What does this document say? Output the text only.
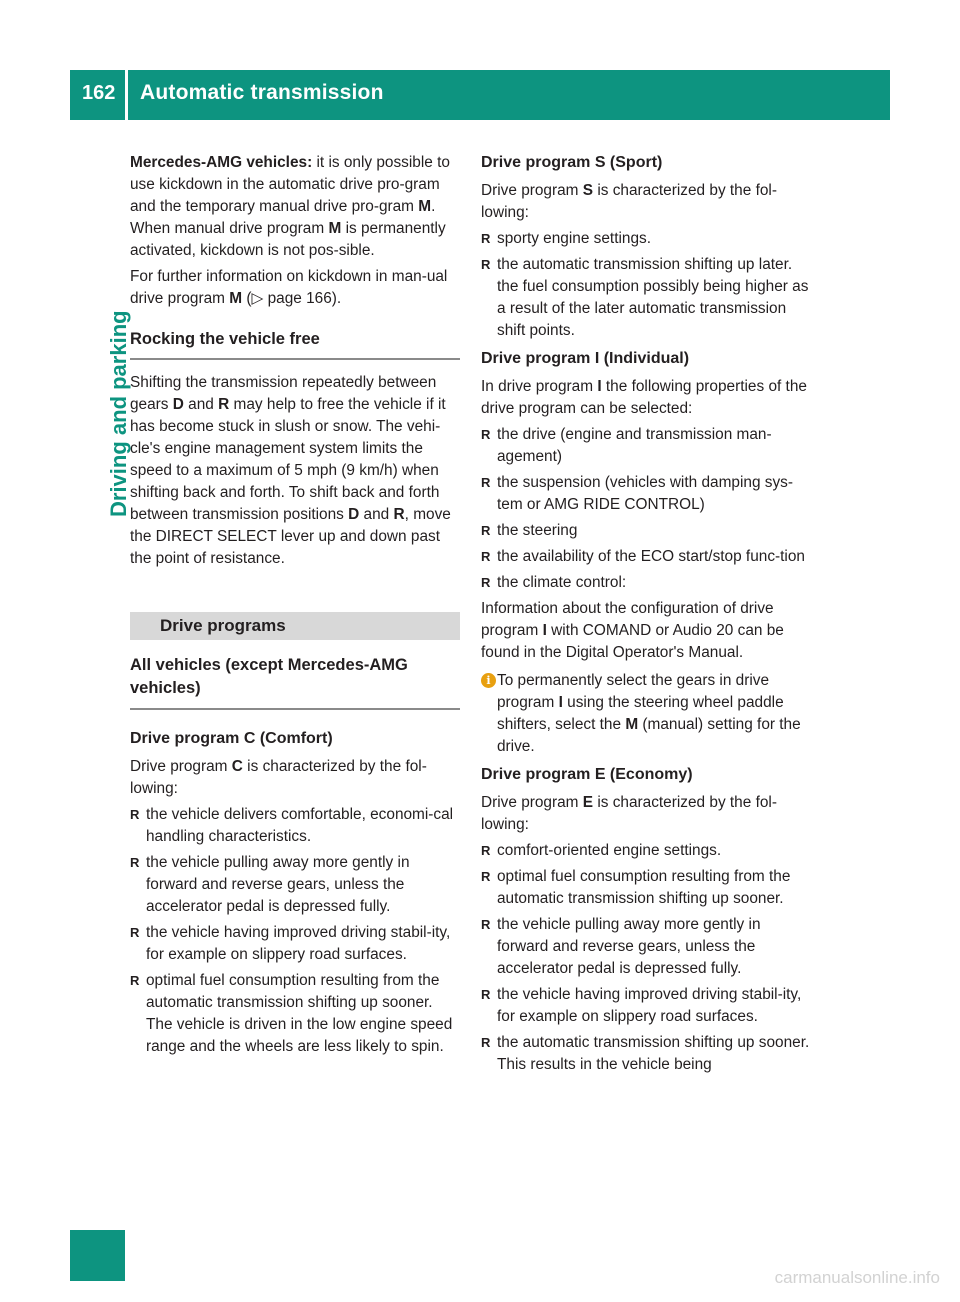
162 Automatic transmission
Driving and parking

Mercedes-AMG vehicles: it is only possible to use kickdown in the automatic drive pro-gram and the temporary manual drive pro-gram M. When manual drive program M is permanently activated, kickdown is not pos-sible.

For further information on kickdown in man-ual drive program M (▷ page 166).

Rocking the vehicle free

Shifting the transmission repeatedly between gears D and R may help to free the vehicle if it has become stuck in slush or snow. The vehi-cle's engine management system limits the speed to a maximum of 5 mph (9 km/h) when shifting back and forth. To shift back and forth between transmission positions D and R, move the DIRECT SELECT lever up and down past the point of resistance.

Drive programs
All vehicles (except Mercedes-AMG vehicles)
Drive program C (Comfort)

Drive program C is characterized by the fol-lowing:

R the vehicle delivers comfortable, economi-cal handling characteristics.
R the vehicle pulling away more gently in forward and reverse gears, unless the accelerator pedal is depressed fully.
R the vehicle having improved driving stabil-ity, for example on slippery road surfaces.
R optimal fuel consumption resulting from the automatic transmission shifting up sooner. The vehicle is driven in the low engine speed range and the wheels are less likely to spin.
Drive program S (Sport)

Drive program S is characterized by the fol-lowing:

R sporty engine settings.
R the automatic transmission shifting up later. the fuel consumption possibly being higher as a result of the later automatic transmission shift points.
Drive program I (Individual)

In drive program I the following properties of the drive program can be selected:

R the drive (engine and transmission man-agement)
R the suspension (vehicles with damping sys-tem or AMG RIDE CONTROL)
R the steering
R the availability of the ECO start/stop func-tion
R the climate control:

Information about the configuration of drive program I with COMAND or Audio 20 can be found in the Digital Operator's Manual.

i To permanently select the gears in drive program I using the steering wheel paddle shifters, select the M (manual) setting for the drive.

Drive program E (Economy)

Drive program E is characterized by the fol-lowing:

R comfort-oriented engine settings.
R optimal fuel consumption resulting from the automatic transmission shifting up sooner.
R the vehicle pulling away more gently in forward and reverse gears, unless the accelerator pedal is depressed fully.
R the vehicle having improved driving stabil-ity, for example on slippery road surfaces.
R the automatic transmission shifting up sooner. This results in the vehicle being
carmanualsonline.info
